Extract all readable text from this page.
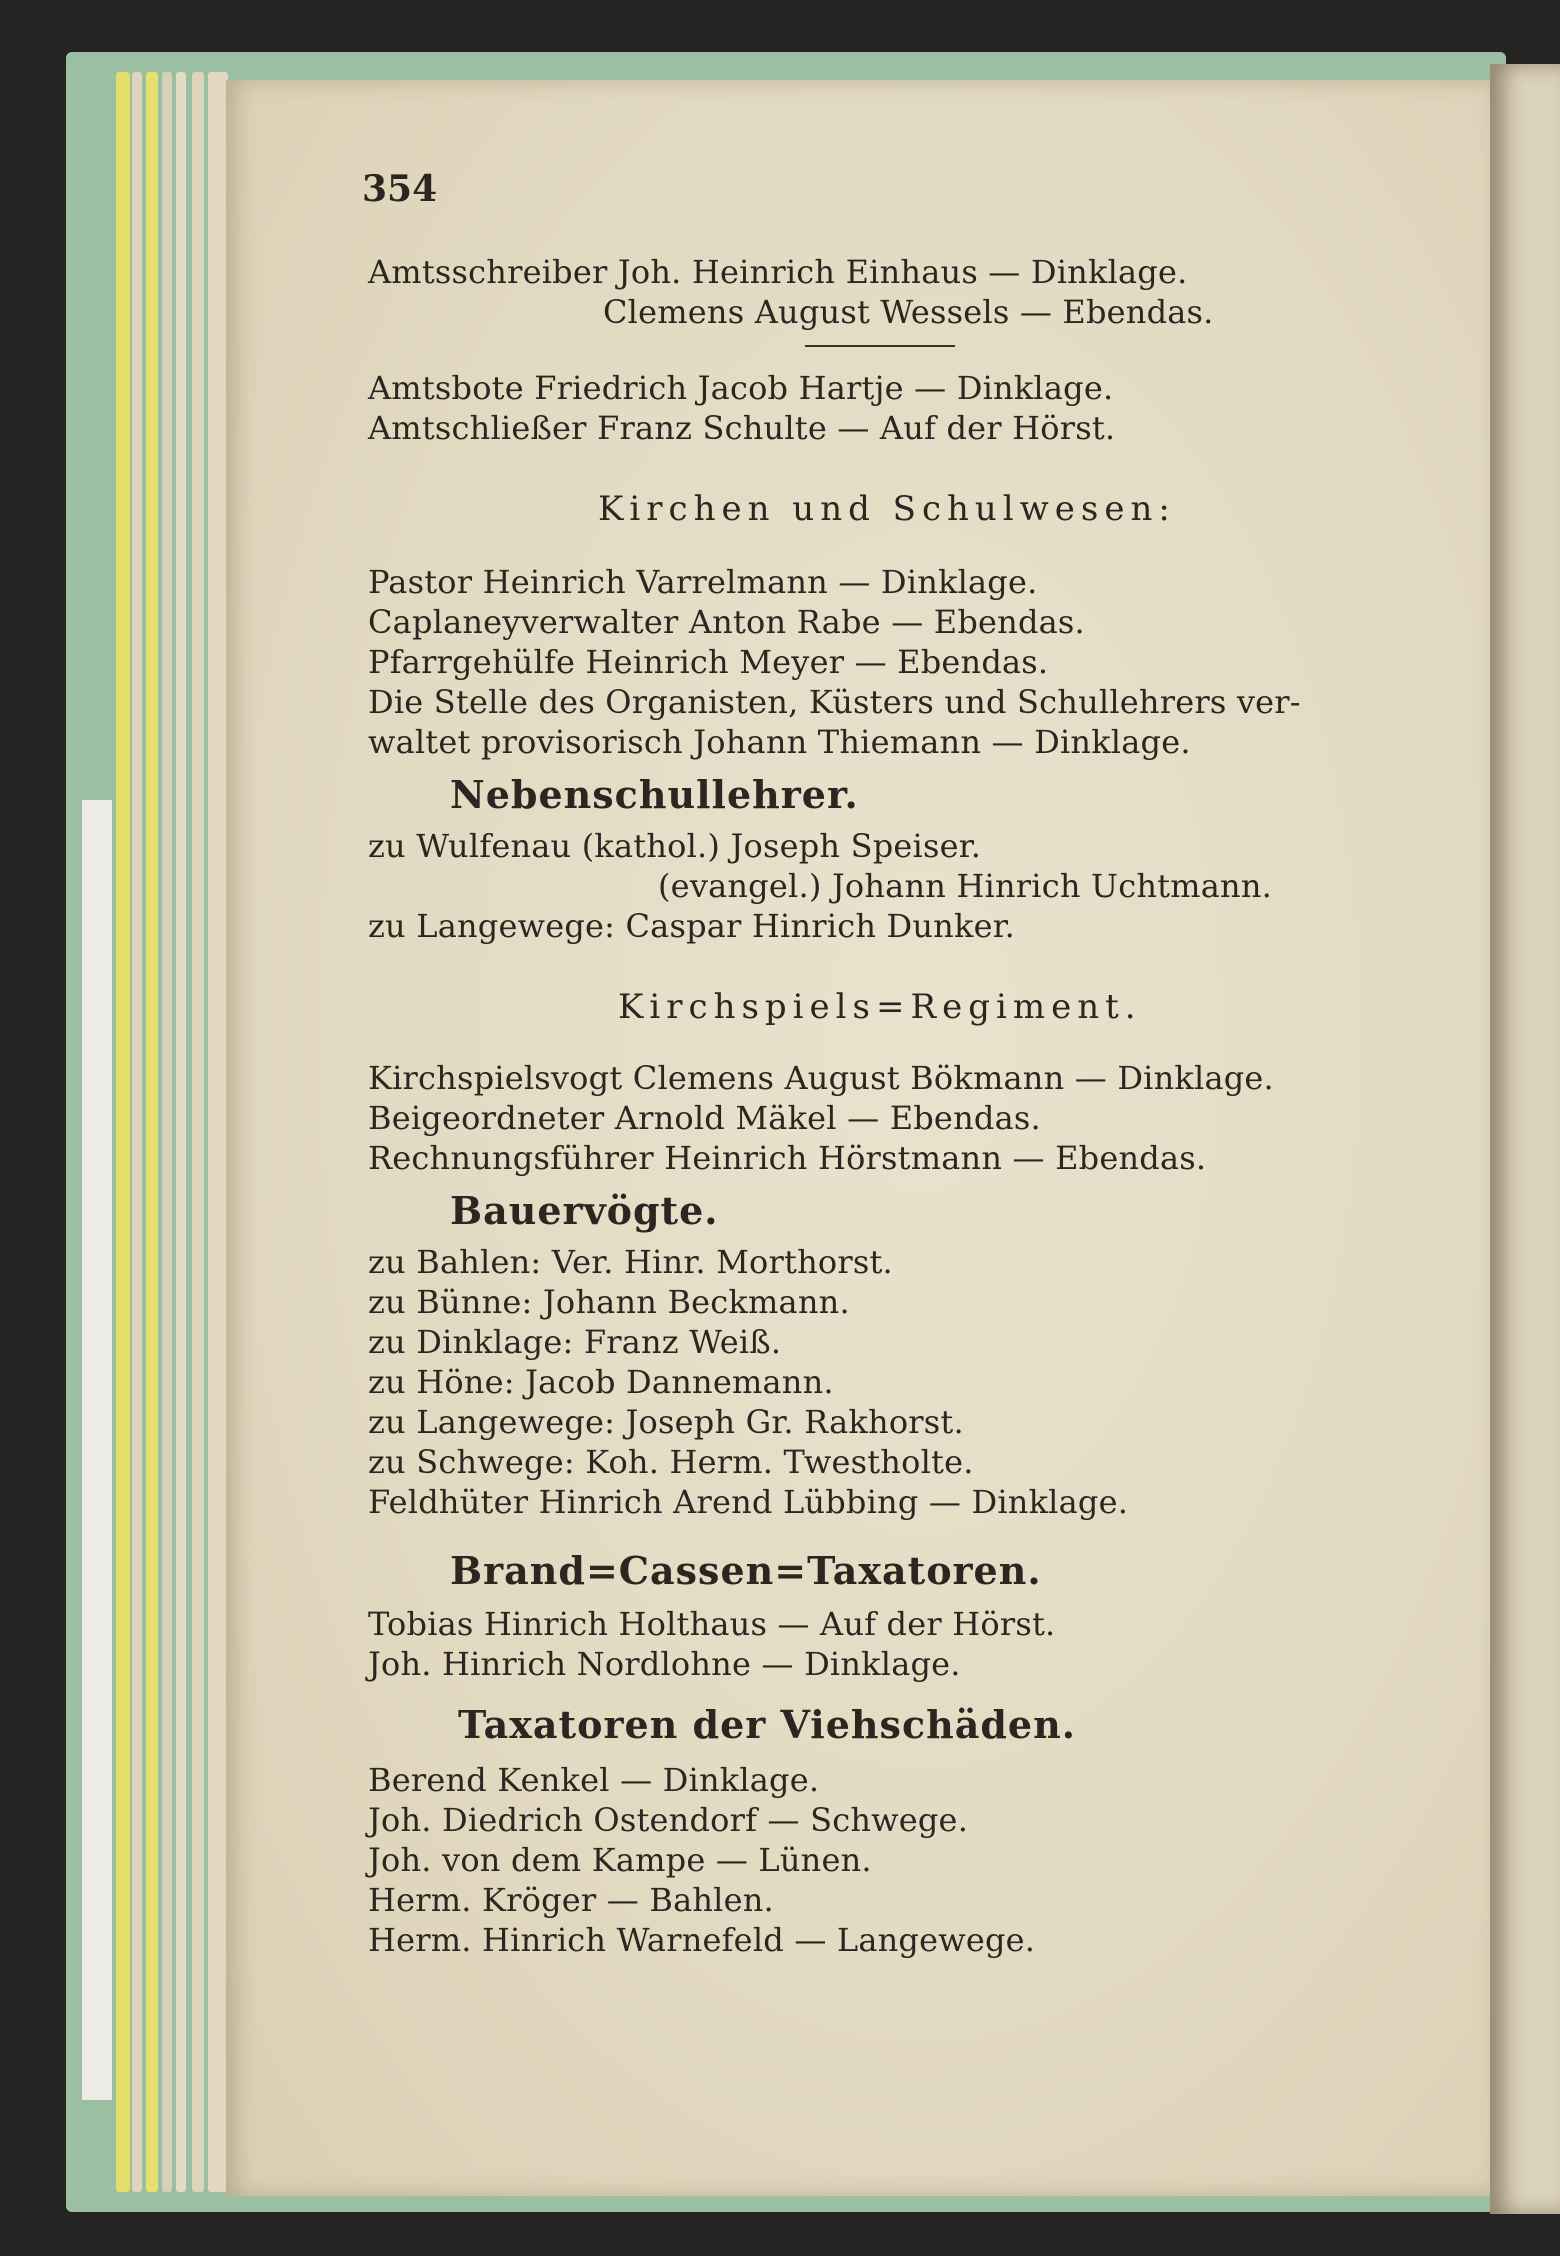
354
Amtsschreiber Joh. Heinrich Einhaus — Dinklage.
Clemens August Wessels — Ebendas.
Amtsbote Friedrich Jacob Hartje — Dinklage.
Amtschließer Franz Schulte — Auf der Hörst.
Kirchen und Schulwesen:
Pastor Heinrich Varrelmann — Dinklage.
Caplaneyverwalter Anton Rabe — Ebendas.
Pfarrgehülfe Heinrich Meyer — Ebendas.
Die Stelle des Organisten, Küsters und Schullehrers ver-
waltet provisorisch Johann Thiemann — Dinklage.
Nebenschullehrer.
zu Wulfenau (kathol.) Joseph Speiser.
(evangel.) Johann Hinrich Uchtmann.
zu Langewege: Caspar Hinrich Dunker.
Kirchspiels=Regiment.
Kirchspielsvogt Clemens August Bökmann — Dinklage.
Beigeordneter Arnold Mäkel — Ebendas.
Rechnungsführer Heinrich Hörstmann — Ebendas.
Bauervögte.
zu Bahlen: Ver. Hinr. Morthorst.
zu Bünne: Johann Beckmann.
zu Dinklage: Franz Weiß.
zu Höne: Jacob Dannemann.
zu Langewege: Joseph Gr. Rakhorst.
zu Schwege: Koh. Herm. Twestholte.
Feldhüter Hinrich Arend Lübbing — Dinklage.
Brand=Cassen=Taxatoren.
Tobias Hinrich Holthaus — Auf der Hörst.
Joh. Hinrich Nordlohne — Dinklage.
Taxatoren der Viehschäden.
Berend Kenkel — Dinklage.
Joh. Diedrich Ostendorf — Schwege.
Joh. von dem Kampe — Lünen.
Herm. Kröger — Bahlen.
Herm. Hinrich Warnefeld — Langewege.
